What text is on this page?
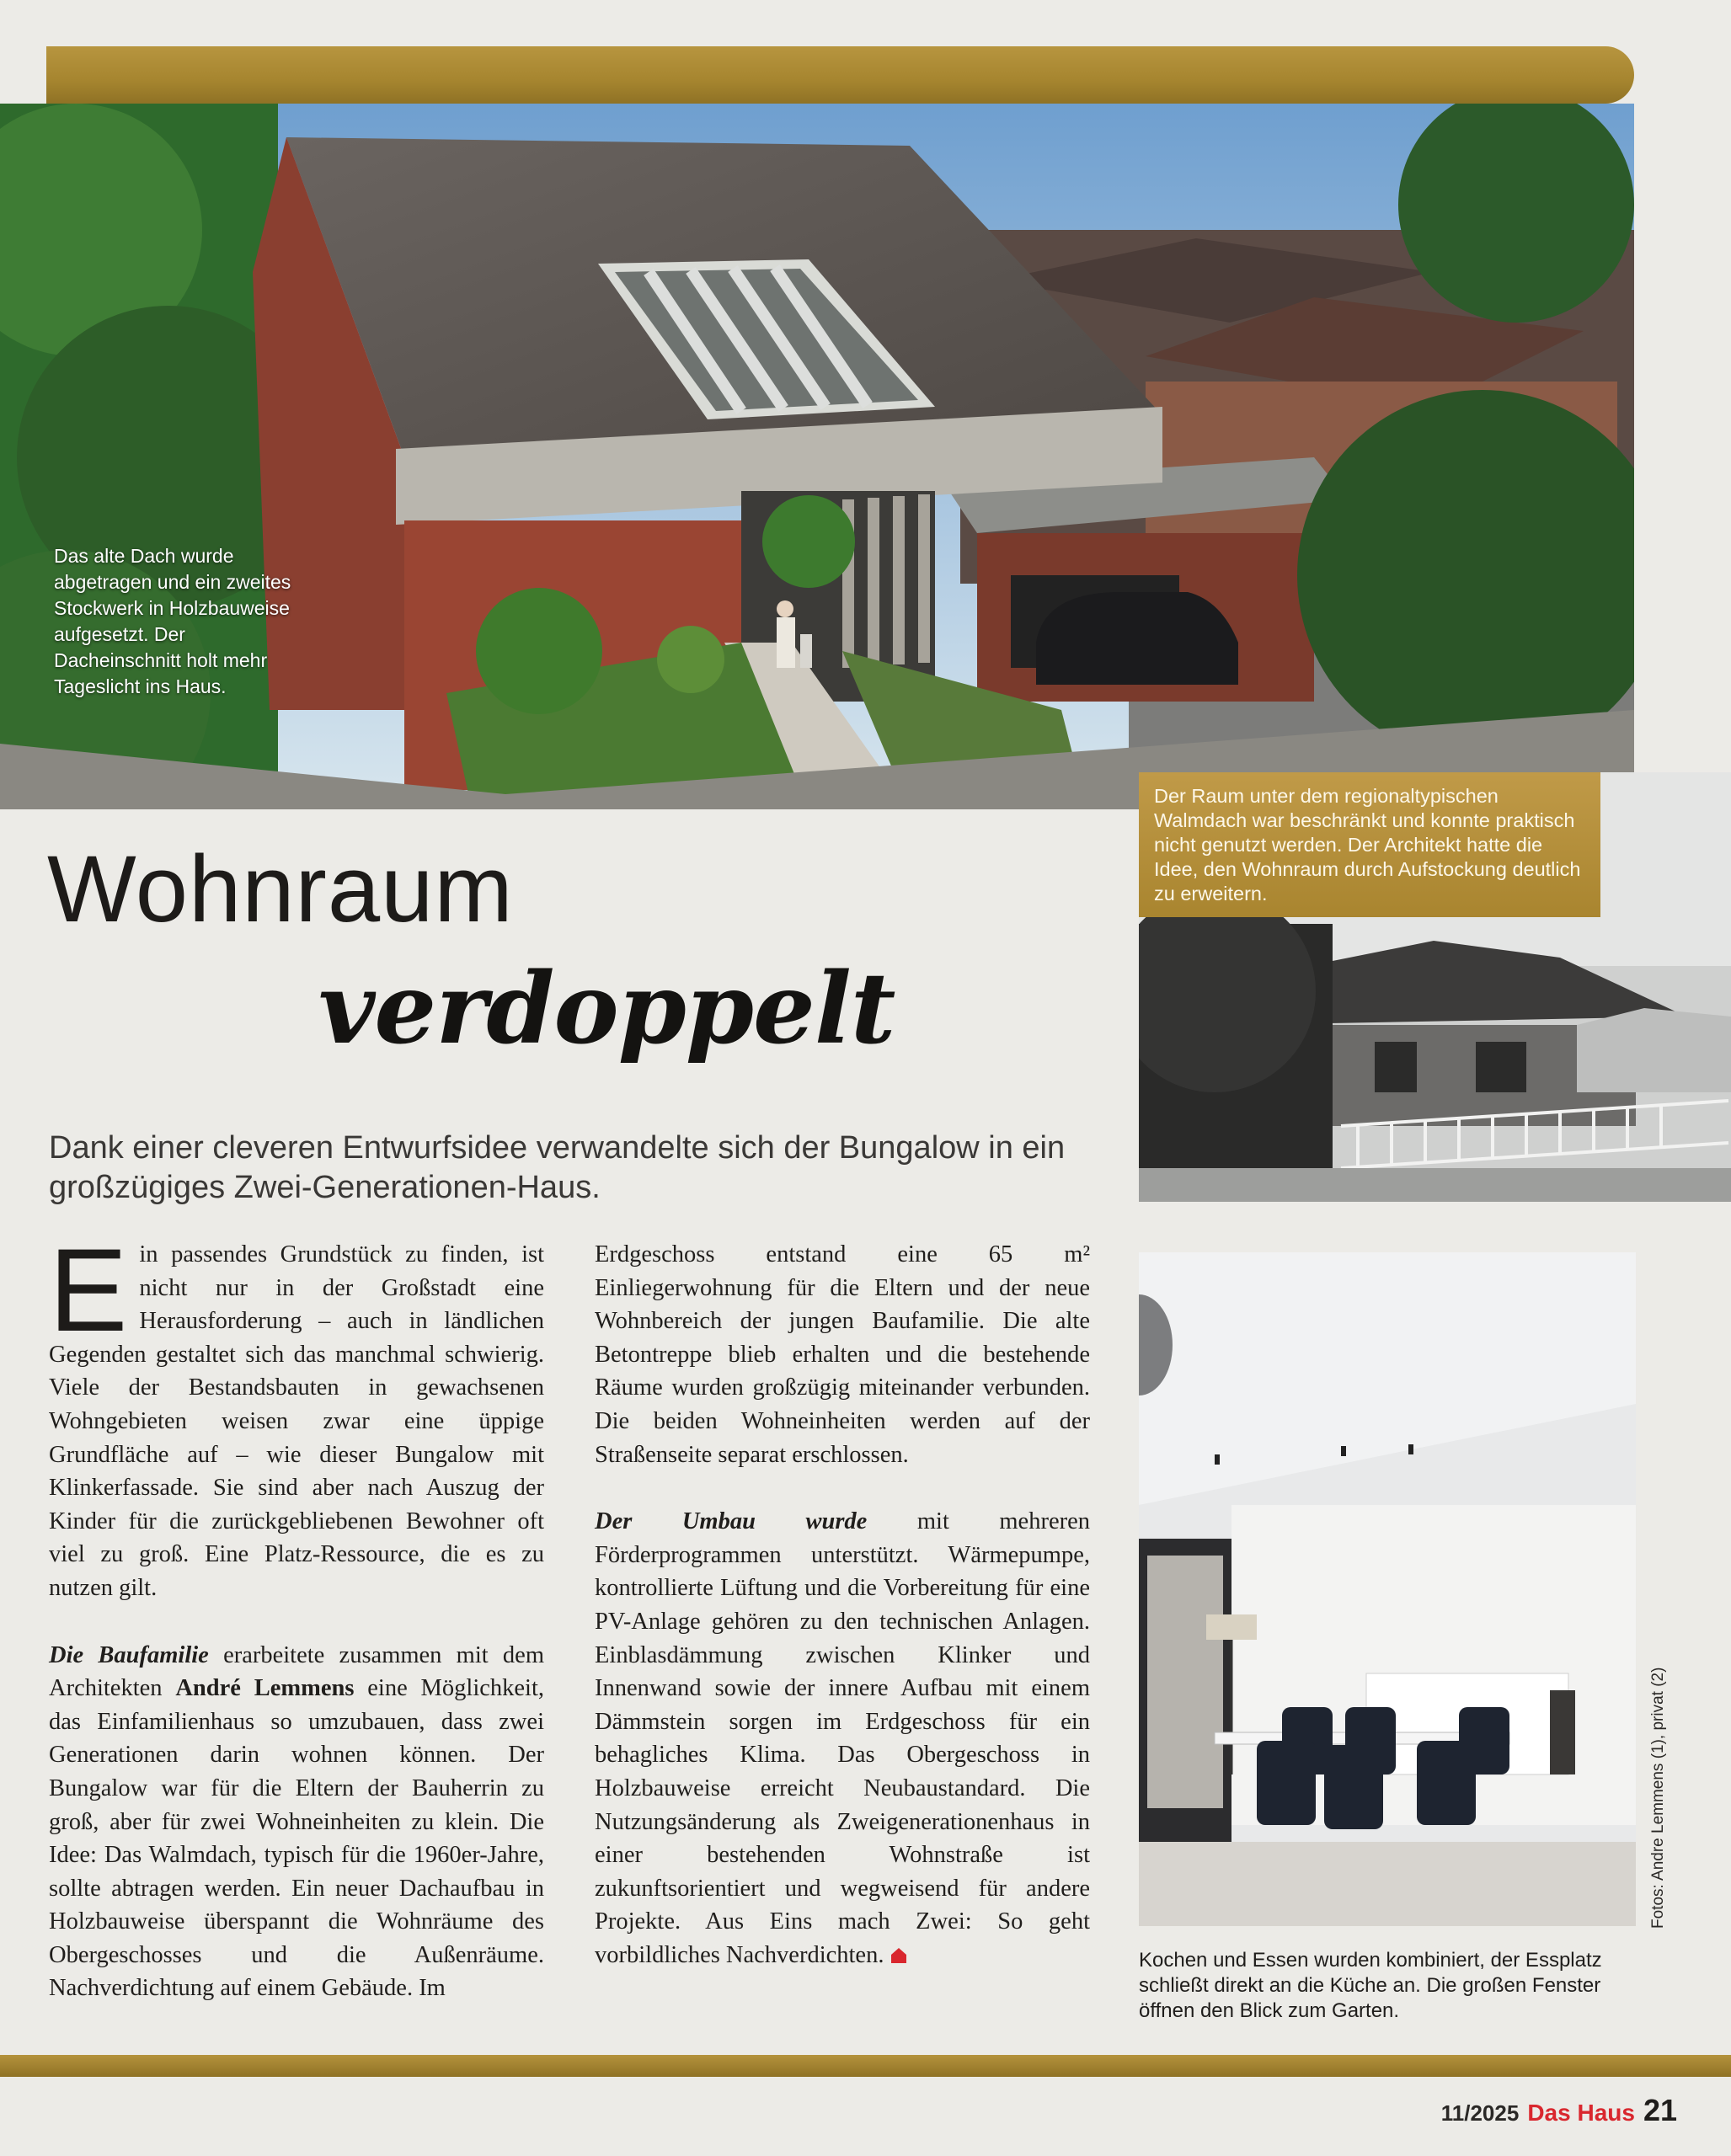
Das alte Dach wurde abgetragen und ein zweites Stockwerk in Holzbauweise aufgesetzt. Der Dacheinschnitt holt mehr Tageslicht ins Haus.
Der Raum unter dem regionaltypischen Walmdach war beschränkt und konnte praktisch nicht genutzt werden. Der Architekt hatte die Idee, den Wohnraum durch Aufstockung deutlich zu erweitern.
Wohnraum
verdoppelt
Dank einer cleveren Entwurfsidee verwandelte sich der Bungalow in ein großzügiges Zwei-Generationen-Haus.

Ein passendes Grundstück zu finden, ist nicht nur in der Großstadt eine Herausforderung – auch in ländlichen Gegenden gestaltet sich das manchmal schwierig. Viele der Bestandsbauten in gewachsenen Wohngebieten weisen zwar eine üppige Grundfläche auf – wie dieser Bungalow mit Klinkerfassade. Sie sind aber nach Auszug der Kinder für die zurückgebliebenen Bewohner oft viel zu groß. Eine Platz-Ressource, die es zu nutzen gilt.

Die Baufamilie erarbeitete zusammen mit dem Architekten André Lemmens eine Möglichkeit, das Einfamilienhaus so umzubauen, dass zwei Generationen darin wohnen können. Der Bungalow war für die Eltern der Bauherrin zu groß, aber für zwei Wohneinheiten zu klein. Die Idee: Das Walmdach, typisch für die 1960er-Jahre, sollte abtragen werden. Ein neuer Dachaufbau in Holzbauweise überspannt die Wohnräume des Obergeschosses und die Außenräume. Nachverdichtung auf einem Gebäude. Im

Fotos: Andre Lemmens (1), privat (2)

Erdgeschoss entstand eine 65 m² Einliegerwohnung für die Eltern und der neue Wohnbereich der jungen Baufamilie. Die alte Betontreppe blieb erhalten und die bestehende Räume wurden großzügig miteinander verbunden. Die beiden Wohneinheiten werden auf der Straßenseite separat erschlossen.

Der Umbau wurde mit mehreren Förderprogrammen unterstützt. Wärmepumpe, kontrollierte Lüftung und die Vorbereitung für eine PV-Anlage gehören zu den technischen Anlagen. Einblasdämmung zwischen Klinker und Innenwand sowie der innere Aufbau mit einem Dämmstein sorgen im Erdgeschoss für ein behagliches Klima. Das Obergeschoss in Holzbauweise erreicht Neubaustandard. Die Nutzungsänderung als Zweigenerationenhaus in einer bestehenden Wohnstraße ist zukunftsorientiert und wegweisend für andere Projekte. Aus Eins mach Zwei: So geht vorbildliches Nachverdichten.	Kochen und Essen wurden kombiniert, der Essplatz schließt direkt an die Küche an. Die großen Fenster öffnen den Blick zum Garten.
11/2025 Das Haus 21
